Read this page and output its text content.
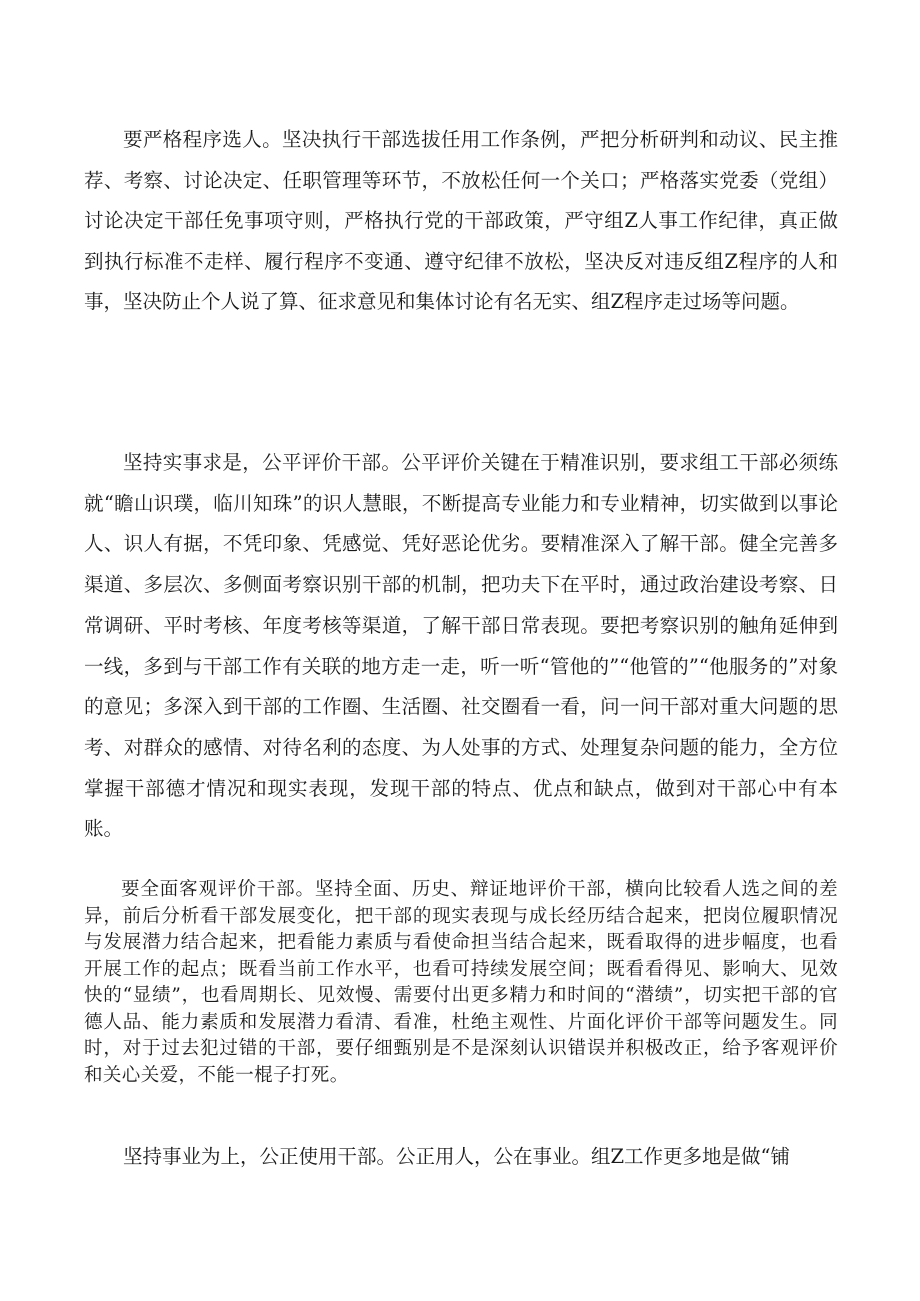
要严格程序选人。坚决执行干部选拔任用工作条例，严把分析研判和动议、民主推荐、考察、讨论决定、任职管理等环节，不放松任何一个关口；严格落实党委（党组）讨论决定干部任免事项守则，严格执行党的干部政策，严守组Z人事工作纪律，真正做到执行标准不走样、履行程序不变通、遵守纪律不放松，坚决反对违反组Z程序的人和事，坚决防止个人说了算、征求意见和集体讨论有名无实、组Z程序走过场等问题。

坚持实事求是，公平评价干部。公平评价关键在于精准识别，要求组工干部必须练就“瞻山识璞，临川知珠”的识人慧眼，不断提高专业能力和专业精神，切实做到以事论人、识人有据，不凭印象、凭感觉、凭好恶论优劣。要精准深入了解干部。健全完善多渠道、多层次、多侧面考察识别干部的机制，把功夫下在平时，通过政治建设考察、日常调研、平时考核、年度考核等渠道，了解干部日常表现。要把考察识别的触角延伸到一线，多到与干部工作有关联的地方走一走，听一听“管他的”“他管的”“他服务的”对象的意见；多深入到干部的工作圈、生活圈、社交圈看一看，问一问干部对重大问题的思考、对群众的感情、对待名利的态度、为人处事的方式、处理复杂问题的能力，全方位掌握干部德才情况和现实表现，发现干部的特点、优点和缺点，做到对干部心中有本账。

要全面客观评价干部。坚持全面、历史、辩证地评价干部，横向比较看人选之间的差异，前后分析看干部发展变化，把干部的现实表现与成长经历结合起来，把岗位履职情况与发展潜力结合起来，把看能力素质与看使命担当结合起来，既看取得的进步幅度，也看开展工作的起点；既看当前工作水平，也看可持续发展空间；既看看得见、影响大、见效快的“显绩”，也看周期长、见效慢、需要付出更多精力和时间的“潜绩”，切实把干部的官德人品、能力素质和发展潜力看清、看准，杜绝主观性、片面化评价干部等问题发生。同时，对于过去犯过错的干部，要仔细甄别是不是深刻认识错误并积极改正，给予客观评价和关心关爱，不能一棍子打死。

坚持事业为上，公正使用干部。公正用人，公在事业。组Z工作更多地是做“铺
